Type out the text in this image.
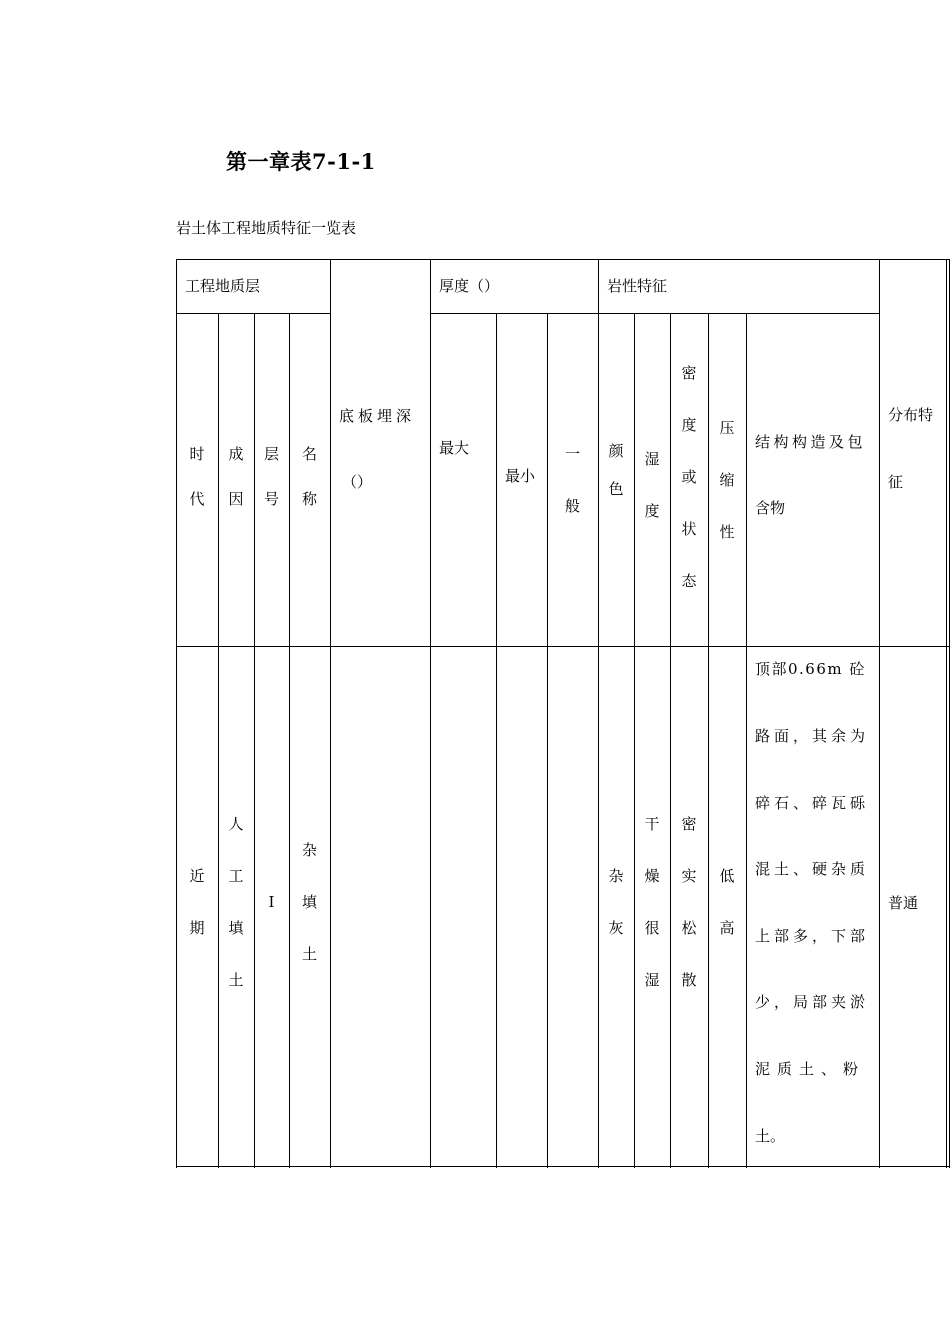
第一章表7-1-1
岩土体工程地质特征一览表
工程地质层	厚度（）	岩性特征
时
代
成
因
层
号
名
称
底板埋深
（）
最大
最小
一
般
颜
色
湿
度
密
度
或
状
态
压
缩
性
结构构造及包
含物
分布特
征
近
期
人
工
填
土
I
杂
填
土
杂
灰
干
燥
很
湿
密
实
松
散
低
高
顶部0.66m 砼
路面，其余为
碎石、碎瓦砾
混土、硬杂质
上部多，下部
少，局部夹淤
泥质土、粉
土。
普通
